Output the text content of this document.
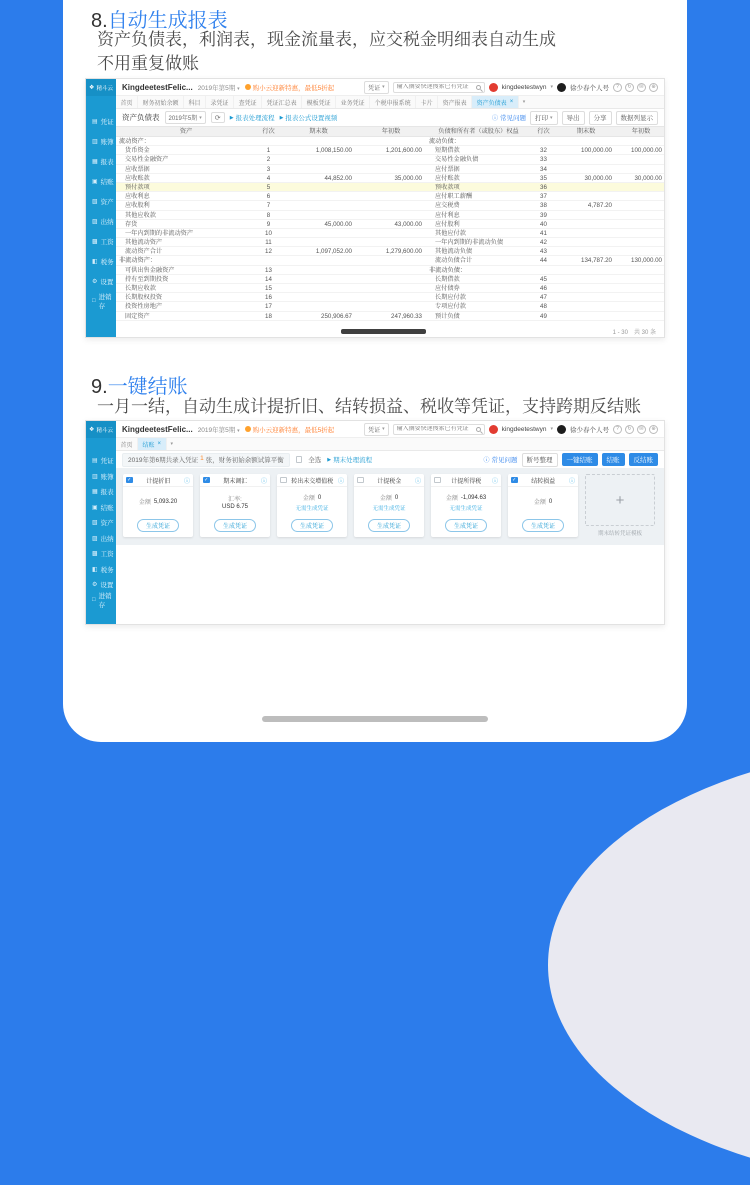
8.自动生成报表
资产负债表，利润表，现金流量表，应交税金明细表自动生成
不用重复做账
❖ 精斗云
▤ 凭证
▥ 账簿
▦ 报表
▣ 结账
▧ 资产
▨ 出纳
▩ 工资
◧ 税务
⚙ 设置
□ 进销存
KingdeetestFelic... 2019年第5期 ▾ 购小云迎新特惠，最低5折起	凭证 ▾
输入摘要快速搜索已有凭证	kingdeetestwyn ▾	徐少春个人号	?	↻	✉	⊕
首页	财务初始余额	科目	录凭证	查凭证	凭证汇总表	模板凭证	业务凭证	个税申报系统	卡片	资产报表	资产负债表 × ▾
资产负债表 2019年5期 ▾ ⟳ ▶ 报表处理流程 ▶ 报表公式设置视频	ⓘ 常见问题 打印 ▾	导出	分享	数据列显示
资产	行次	期末数	年初数	负债和所有者（或股东）权益	行次	期末数	年初数
流动资产：	流动负债：
货币资金	1	1,008,150.00	1,201,600.00	短期借款	32	100,000.00	100,000.00
交易性金融资产	2	交易性金融负债	33
应收票据	3	应付票据	34
应收账款	4	44,852.00	35,000.00	应付账款	35	30,000.00	30,000.00
预付款项	5	预收款项	36
应收利息	6	应付职工薪酬	37
应收股利	7	应交税费	38	4,787.20
其他应收款	8	应付利息	39
存货	9	45,000.00	43,000.00	应付股利	40
一年内到期的非流动资产	10	其他应付款	41
其他流动资产	11	一年内到期的非流动负债	42
流动资产合计	12	1,097,052.00	1,279,600.00	其他流动负债	43
非流动资产：	流动负债合计	44	134,787.20	130,000.00
可供出售金融资产	13	非流动负债：
持有至到期投资	14	长期借款	45
长期应收款	15	应付债券	46
长期股权投资	16	长期应付款	47
投资性房地产	17	专项应付款	48
固定资产	18	250,906.67	247,960.33	预计负债	49
1 - 30　共 30 条
9.一键结账
一月一结，自动生成计提折旧、结转损益、税收等凭证，支持跨期反结账
❖ 精斗云
▤ 凭证
▥ 账簿
▦ 报表
▣ 结账
▧ 资产
▨ 出纳
▩ 工资
◧ 税务
⚙ 设置
□ 进销存
KingdeetestFelic... 2019年第5期 ▾ 购小云迎新特惠，最低5折起	凭证 ▾
输入摘要快速搜索已有凭证	kingdeetestwyn ▾	徐少春个人号	?	↻	✉	⊕
首页	结账 × ▾
2019年第6期共录入凭证 1 张，财务初始余额试算平衡	全选 ▶ 期末处理流程	ⓘ 常见问题 断号整理	一键结账	结账	反结账
✓	计提折旧	ⓘ
金额 5,093.20
生成凭证
✓	期末调汇	ⓘ
汇率:
USD 6.75
生成凭证
转出未交增值税 ⓘ
金额 0
无需生成凭证
生成凭证
计提税金	ⓘ
金额 0
无需生成凭证
生成凭证
计提所得税	ⓘ
金额 -1,094.63
无需生成凭证
生成凭证
✓	结转损益	ⓘ
金额 0
生成凭证
+
期末结转凭证模板
